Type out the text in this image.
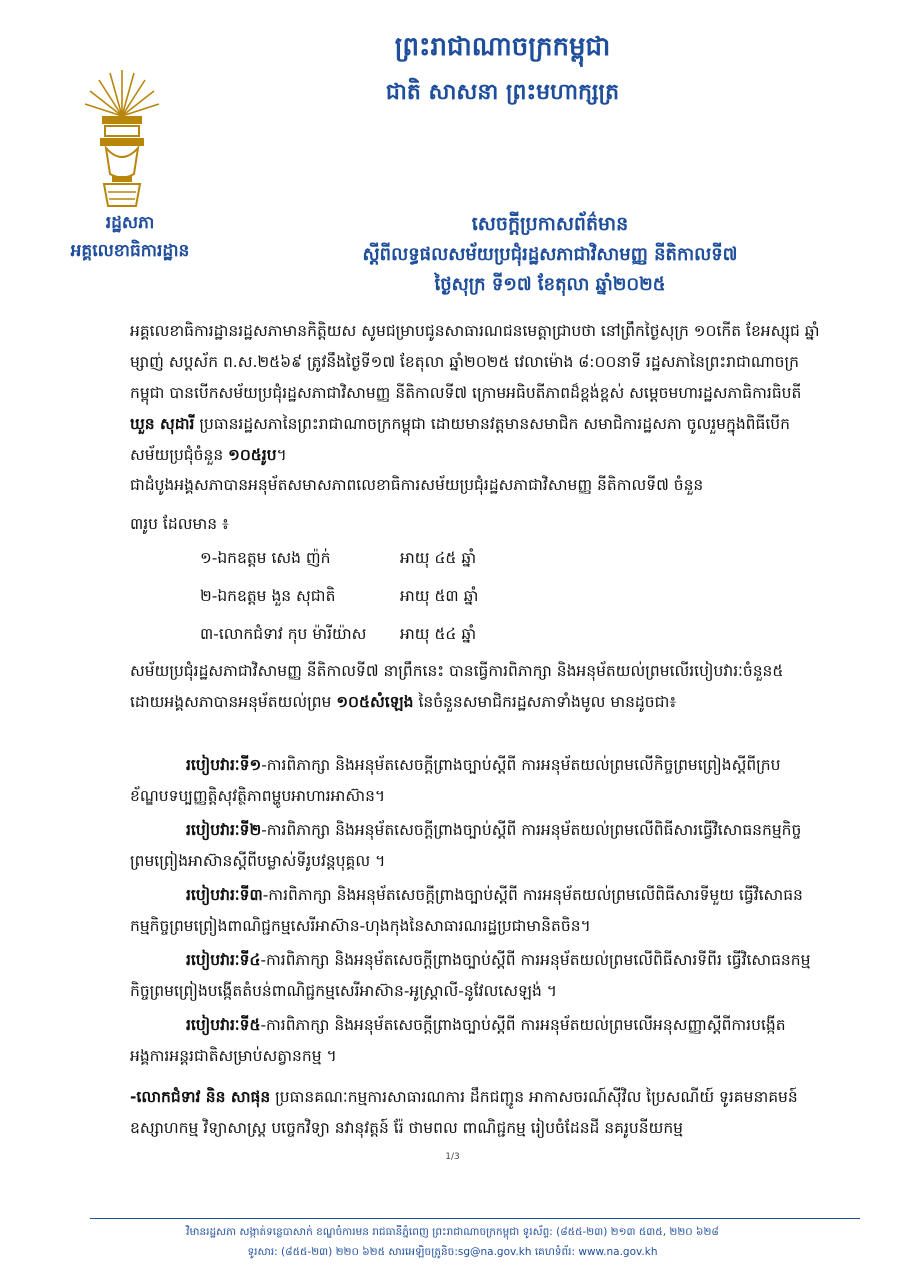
ព្រះរាជាណាចក្រកម្ពុជា
ជាតិ សាសនា ព្រះមហាក្សត្រ
រដ្ឋសភា
អគ្គលេខាធិការដ្ឋាន
សេចក្តីប្រកាសព័ត៌មាន
ស្តីពីលទ្ធផលសម័យប្រជុំរដ្ឋសភាជាវិសាមញ្ញ នីតិកាលទី៧
ថ្ងៃសុក្រ ទី១៧ ខែតុលា ឆ្នាំ២០២៥
អគ្គលេខាធិការដ្ឋានរដ្ឋសភាមានកិត្តិយស សូមជម្រាបជូនសាធារណជនមេត្តាជ្រាបថា នៅព្រឹកថ្ងៃសុក្រ ១០កើត ខែអស្សុជ ឆ្នាំម្សាញ់ សប្តស័ក ព.ស.២៥៦៩ ត្រូវនឹងថ្ងៃទី១៧ ខែតុលា ឆ្នាំ២០២៥ វេលាម៉ោង ៨:០០នាទី រដ្ឋសភានៃព្រះរាជាណាចក្រកម្ពុជា បានបើកសម័យប្រជុំរដ្ឋសភាជាវិសាមញ្ញ នីតិកាលទី៧ ក្រោមអធិបតីភាពដ៏ខ្ពង់ខ្ពស់ សម្តេចមហារដ្ឋសភាធិការធិបតី ឃួន សុដារី ប្រធានរដ្ឋសភានៃព្រះរាជាណាចក្រកម្ពុជា ដោយមានវត្តមានសមាជិក សមាជិការដ្ឋសភា ចូលរួមក្នុងពិធីបើកសម័យប្រជុំចំនួន ១០៥រូប។
ជាដំបូងអង្គសភាបានអនុម័តសមាសភាពលេខាធិការសម័យប្រជុំរដ្ឋសភាជាវិសាមញ្ញ នីតិកាលទី៧ ចំនួន
៣រូប ដែលមាន ៖
១-ឯកឧត្តម សេង ញ៉ក់	អាយុ ៤៥ ឆ្នាំ
២-ឯកឧត្តម ងួន សុជាតិ	អាយុ ៥៣ ឆ្នាំ
៣-លោកជំទាវ កុប ម៉ារីយ៉ាស អាយុ ៥៤ ឆ្នាំ
សម័យប្រជុំរដ្ឋសភាជាវិសាមញ្ញ នីតិកាលទី៧ នាព្រឹកនេះ បានធ្វើការពិភាក្សា និងអនុម័តយល់ព្រមលើរបៀបវារៈចំនួន៥ ដោយអង្គសភាបានអនុម័តយល់ព្រម ១០៥សំឡេង នៃចំនួនសមាជិករដ្ឋសភាទាំងមូល មានដូចជា៖
របៀបវារៈទី១-ការពិភាក្សា និងអនុម័តសេចក្តីព្រាងច្បាប់ស្តីពី ការអនុម័តយល់ព្រមលើកិច្ចព្រមព្រៀងស្តីពីក្របខ័ណ្ឌបទប្បញ្ញត្តិសុវត្ថិភាពម្ហូបអាហារអាស៊ាន។
របៀបវារៈទី២-ការពិភាក្សា និងអនុម័តសេចក្តីព្រាងច្បាប់ស្តីពី ការអនុម័តយល់ព្រមលើពិធីសារធ្វើវិសោធនកម្មកិច្ចព្រមព្រៀងអាស៊ានស្តីពីបម្លាស់ទីរូបវន្តបុគ្គល ។
របៀបវារៈទី៣-ការពិភាក្សា និងអនុម័តសេចក្តីព្រាងច្បាប់ស្តីពី ការអនុម័តយល់ព្រមលើពិធីសារទីមួយ ធ្វើវិសោធនកម្មកិច្ចព្រមព្រៀងពាណិជ្ជកម្មសេរីអាស៊ាន-ហុងកុងនៃសាធារណរដ្ឋប្រជាមានិតចិន។
របៀបវារៈទី៤-ការពិភាក្សា និងអនុម័តសេចក្តីព្រាងច្បាប់ស្តីពី ការអនុម័តយល់ព្រមលើពិធីសារទីពីរ ធ្វើវិសោធនកម្មកិច្ចព្រមព្រៀងបង្កើតតំបន់ពាណិជ្ជកម្មសេរីអាស៊ាន-អូស្ត្រាលី-នូវែលសេឡង់ ។
របៀបវារៈទី៥-ការពិភាក្សា និងអនុម័តសេចក្តីព្រាងច្បាប់ស្តីពី ការអនុម័តយល់ព្រមលើអនុសញ្ញាស្តីពីការបង្កើតអង្គការអន្តរជាតិសម្រាប់សត្វានកម្ម ។
-លោកជំទាវ និន សាផុន ប្រធានគណៈកម្មការសាធារណការ ដឹកជញ្ជូន អាកាសចរណ៍ស៊ីវិល ប្រៃសណីយ៍ ទូរគមនាគមន៍ ឧស្សាហកម្ម វិទ្យាសាស្ត្រ បច្ចេកវិទ្យា នវានុវត្តន៍ រ៉ែ ថាមពល ពាណិជ្ជកម្ម រៀបចំដែនដី នគរូបនីយកម្ម
1/3
វិមានរដ្ឋសភា សង្កាត់ទន្លេបាសាក់ ខណ្ឌចំការមន រាជធានីភ្នំពេញ ព្រះរាជាណាចក្រកម្ពុជា ទូរស័ព្ទ: (៨៥៥-២៣) ២១៣ ៥៣៥, ២២០ ៦២៨
ទូរសារ: (៨៥៥-២៣) ២២០ ៦២៥ សារអេឡិចត្រូនិច:sg@na.gov.kh គេហទំព័រ: www.na.gov.kh
